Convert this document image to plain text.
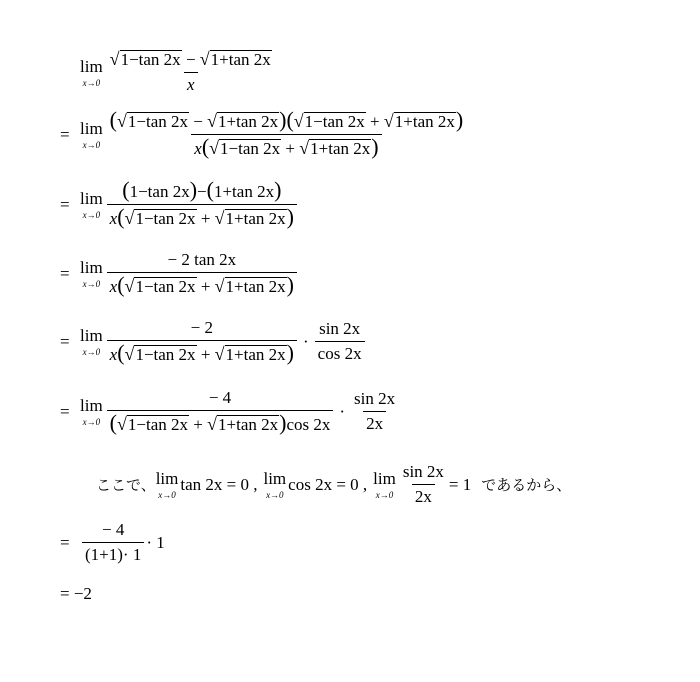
lim
$x\to 0 \frac{√ 1-\tan 2x - √ 1+\tan 2x}{x}$
= lim
x→0
( √ 1−tan 2x − √ 1+tan 2x )( √ 1−tan 2x + √ 1+tan 2x )
x( √ 1−tan 2x + √ 1+tan 2x )
= lim
$x\to 0 \frac{(1-\tan 2x)-(1+\tan 2x)}{x( √ 1-\tan 2x + √ 1+\tan 2x )}$
= lim
$x\to 0 \frac{- 2 \tan 2x}{x( √ 1-\tan 2x + √ 1+\tan 2x )}$
= lim
$x\to 0 \frac{- 2}{x( √ 1-\tan 2x + √ 1+\tan 2x )} \cdot \frac{\sin 2x}{\cos 2x}$
= lim
$x\to 0 \frac{- 4}{( √ 1-\tan 2x + √ 1+\tan 2x )\cos 2x} \cdot \frac{\sin 2x}{2x}$
ここで、 lim
x→0
tan 2x = 0 , lim
x→0
cos 2x = 0 , lim
$x\to 0 \frac{\sin 2x}{2x} = 1$ であるから、
= $\frac{- 4}{(1+1)\cdot 1} \cdot 1$
= −2
